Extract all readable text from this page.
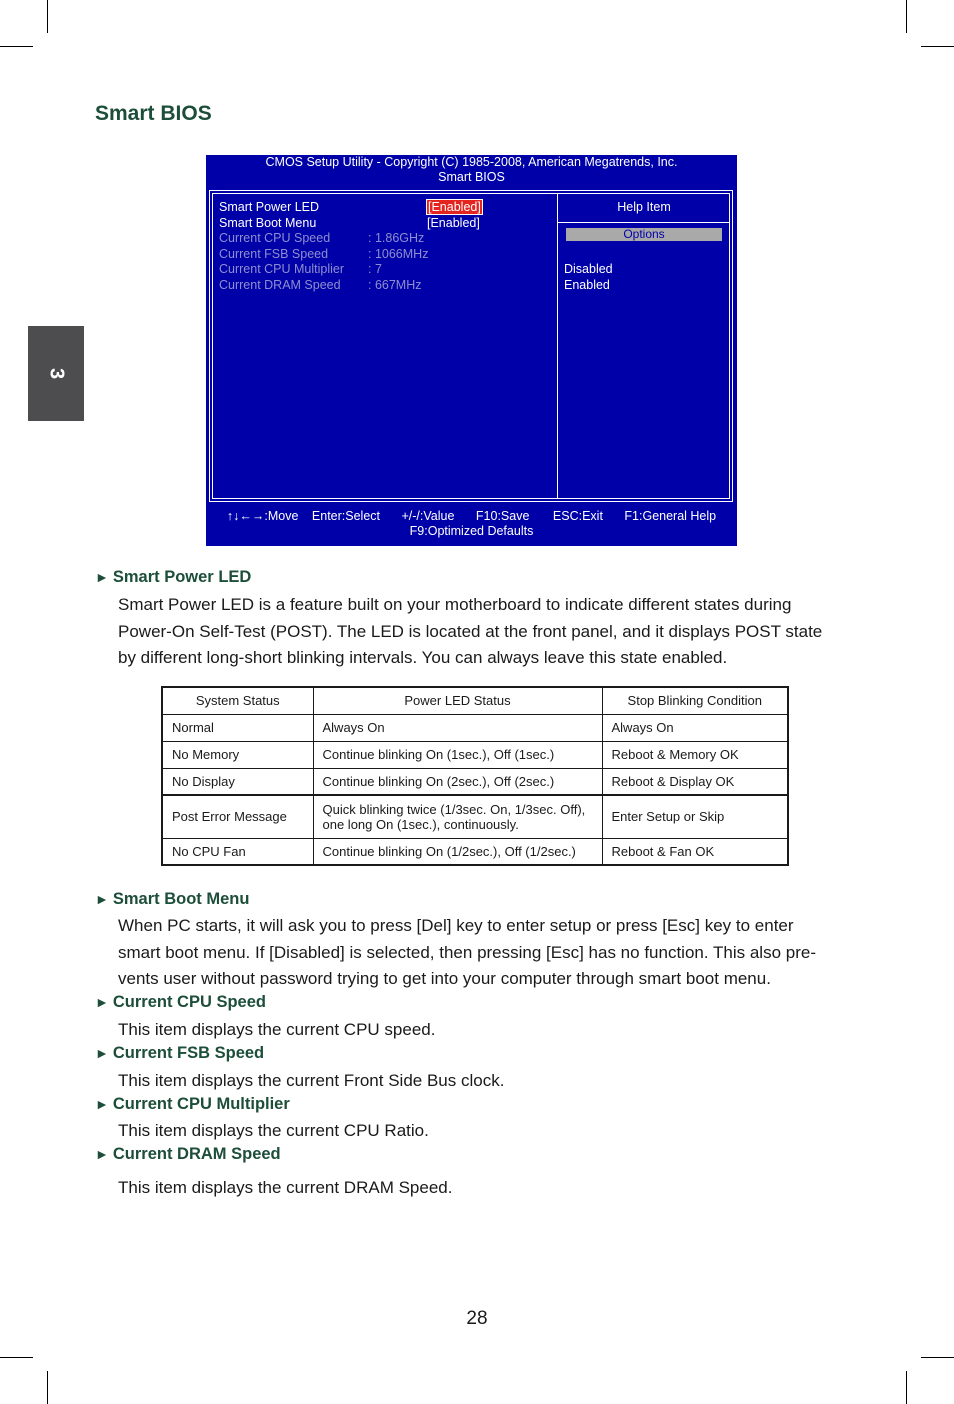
3
Smart BIOS
CMOS Setup Utility - Copyright (C) 1985-2008, American Megatrends, Inc.
Smart BIOS
Smart Power LED	[Enabled]
Smart Boot Menu	[Enabled]
Current CPU Speed	: 1.86GHz
Current FSB Speed	: 1066MHz
Current CPU Multiplier : 7
Current DRAM Speed : 667MHz
Help Item
Options
Disabled
Enabled
↑↓←→:Move Enter:Select +/-/:Value F10:Save ESC:Exit F1:General Help
F9:Optimized Defaults
► Smart Power LED
Smart Power LED is a feature built on your motherboard to indicate different states during
Power-On Self-Test (POST). The LED is located at the front panel, and it displays POST state
by different long-short blinking intervals. You can always leave this state enabled.
System Status	Power LED Status	Stop Blinking Condition
Normal	Always On	Always On
No Memory	Continue blinking On (1sec.), Off (1sec.)	Reboot & Memory OK
No Display	Continue blinking On (2sec.), Off (2sec.)	Reboot & Display OK
Post Error Message	Quick blinking twice (1/3sec. On, 1/3sec. Off), one long On (1sec.), continuously.	Enter Setup or Skip
No CPU Fan	Continue blinking On (1/2sec.), Off (1/2sec.)	Reboot & Fan OK
► Smart Boot Menu
When PC starts, it will ask you to press [Del] key to enter setup or press [Esc] key to enter
smart boot menu. If [Disabled] is selected, then pressing [Esc] has no function. This also pre-
vents user without password trying to get into your computer through smart boot menu.
► Current CPU Speed
This item displays the current CPU speed.
► Current FSB Speed
This item displays the current Front Side Bus clock.
► Current CPU Multiplier
This item displays the current CPU Ratio.
► Current DRAM Speed
This item displays the current DRAM Speed.
28
